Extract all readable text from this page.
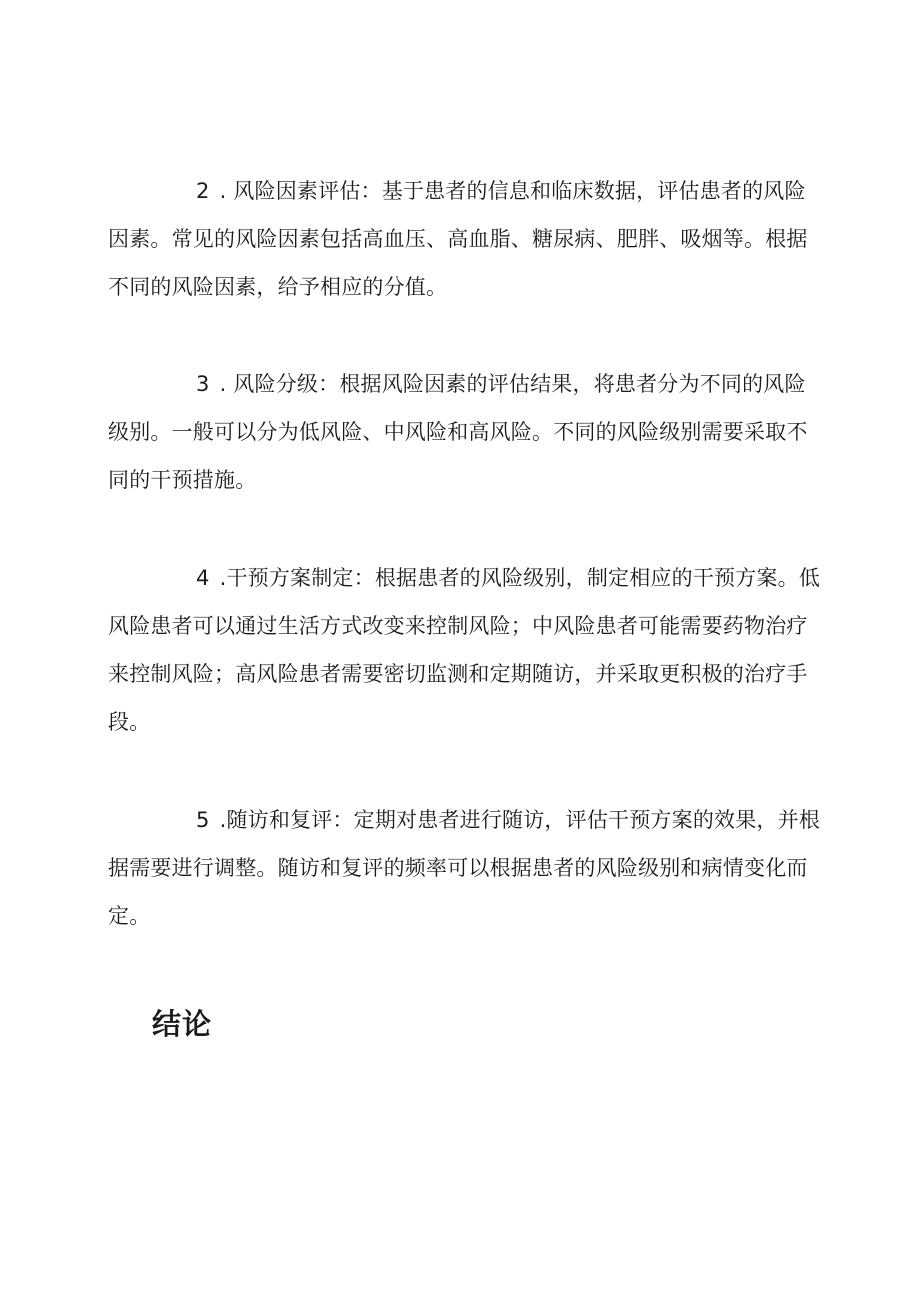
2 . 风险因素评估：基于患者的信息和临床数据，评估患者的风险因素。常见的风险因素包括高血压、高血脂、糖尿病、肥胖、吸烟等。根据不同的风险因素，给予相应的分值。

3 . 风险分级：根据风险因素的评估结果，将患者分为不同的风险级别。一般可以分为低风险、中风险和高风险。不同的风险级别需要采取不同的干预措施。

4 .干预方案制定：根据患者的风险级别，制定相应的干预方案。低风险患者可以通过生活方式改变来控制风险；中风险患者可能需要药物治疗来控制风险；高风险患者需要密切监测和定期随访，并采取更积极的治疗手段。

5 .随访和复评：定期对患者进行随访，评估干预方案的效果，并根据需要进行调整。随访和复评的频率可以根据患者的风险级别和病情变化而定。

结论
